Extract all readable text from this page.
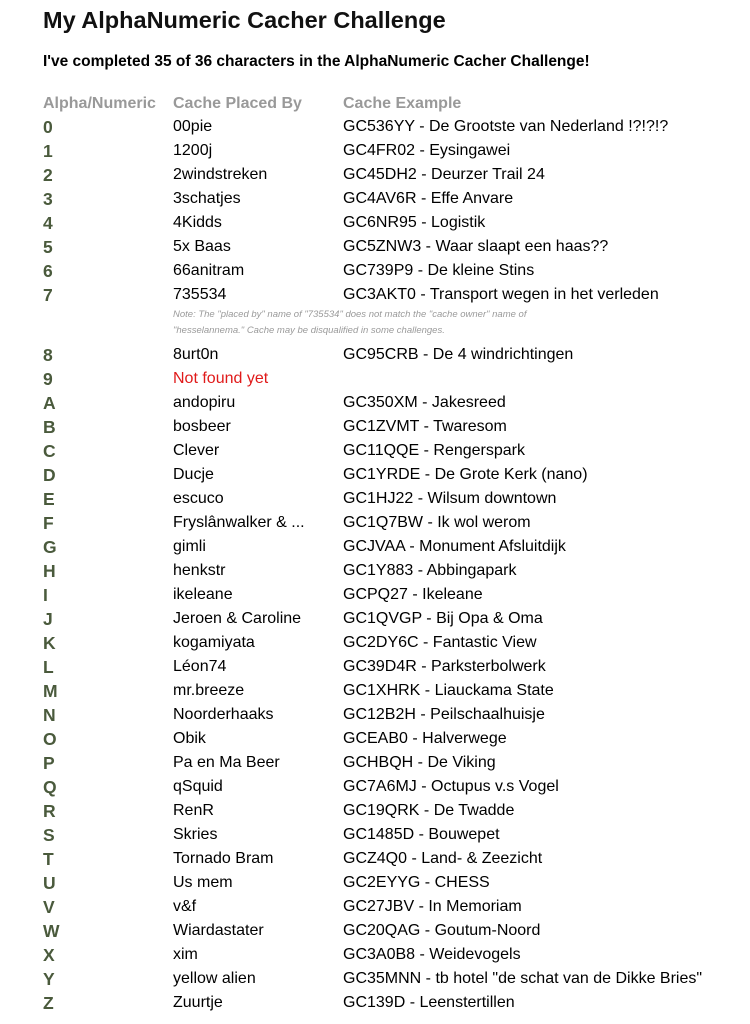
My AlphaNumeric Cacher Challenge
I've completed 35 of 36 characters in the AlphaNumeric Cacher Challenge!
Alpha/Numeric	Cache Placed By	Cache Example
0	00pie	GC536YY - De Grootste van Nederland !?!?!?
1	1200j	GC4FR02 - Eysingawei
2	2windstreken	GC45DH2 - Deurzer Trail 24
3	3schatjes	GC4AV6R - Effe Anvare
4	4Kidds	GC6NR95 - Logistik
5	5x Baas	GC5ZNW3 - Waar slaapt een haas??
6	66anitram	GC739P9 - De kleine Stins
7	735534	GC3AKT0 - Transport wegen in het verleden
Note: The "placed by" name of "735534" does not match the "cache owner" name of "hesselannema." Cache may be disqualified in some challenges.
8	8urt0n	GC95CRB - De 4 windrichtingen
9	Not found yet
A	andopiru	GC350XM - Jakesreed
B	bosbeer	GC1ZVMT - Twaresom
C	Clever	GC11QQE - Rengerspark
D	Ducje	GC1YRDE - De Grote Kerk (nano)
E	escuco	GC1HJ22 - Wilsum downtown
F	Fryslânwalker & ...	GC1Q7BW - Ik wol werom
G	gimli	GCJVAA - Monument Afsluitdijk
H	henkstr	GC1Y883 - Abbingapark
I	ikeleane	GCPQ27 - Ikeleane
J	Jeroen & Caroline	GC1QVGP - Bij Opa & Oma
K	kogamiyata	GC2DY6C - Fantastic View
L	Léon74	GC39D4R - Parksterbolwerk
M	mr.breeze	GC1XHRK - Liauckama State
N	Noorderhaaks	GC12B2H - Peilschaalhuisje
O	Obik	GCEAB0 - Halverwege
P	Pa en Ma Beer	GCHBQH - De Viking
Q	qSquid	GC7A6MJ - Octupus v.s Vogel
R	RenR	GC19QRK - De Twadde
S	Skries	GC1485D - Bouwepet
T	Tornado Bram	GCZ4Q0 - Land- & Zeezicht
U	Us mem	GC2EYYG - CHESS
V	v&f	GC27JBV - In Memoriam
W	Wiardastater	GC20QAG - Goutum-Noord
X	xim	GC3A0B8 - Weidevogels
Y	yellow alien	GC35MNN - tb hotel "de schat van de Dikke Bries"
Z	Zuurtje	GC139D - Leenstertillen
